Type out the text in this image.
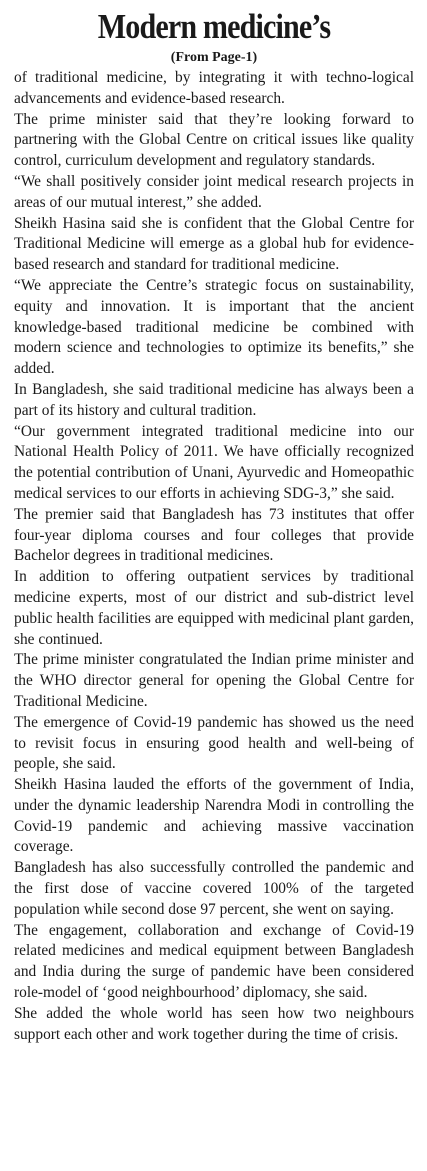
Modern medicine’s
(From Page-1)

of traditional medicine, by integrating it with techno-logical advancements and evidence-based research.

The prime minister said that they’re looking forward to partnering with the Global Centre on critical issues like quality control, curriculum development and regulatory standards.

“We shall positively consider joint medical research projects in areas of our mutual interest,” she added.

Sheikh Hasina said she is confident that the Global Centre for Traditional Medicine will emerge as a global hub for evidence-based research and standard for traditional medicine.

“We appreciate the Centre’s strategic focus on sustainability, equity and innovation. It is important that the ancient knowledge-based traditional medicine be combined with modern science and technologies to optimize its benefits,” she added.

In Bangladesh, she said traditional medicine has always been a part of its history and cultural tradition.

“Our government integrated traditional medicine into our National Health Policy of 2011. We have officially recognized the potential contribution of Unani, Ayurvedic and Homeopathic medical services to our efforts in achieving SDG-3,” she said.

The premier said that Bangladesh has 73 institutes that offer four-year diploma courses and four colleges that provide Bachelor degrees in traditional medicines.

In addition to offering outpatient services by traditional medicine experts, most of our district and sub-district level public health facilities are equipped with medicinal plant garden, she continued.

The prime minister congratulated the Indian prime minister and the WHO director general for opening the Global Centre for Traditional Medicine.

The emergence of Covid-19 pandemic has showed us the need to revisit focus in ensuring good health and well-being of people, she said.

Sheikh Hasina lauded the efforts of the government of India, under the dynamic leadership Narendra Modi in controlling the Covid-19 pandemic and achieving massive vaccination coverage.

Bangladesh has also successfully controlled the pandemic and the first dose of vaccine covered 100% of the targeted population while second dose 97 percent, she went on saying.

The engagement, collaboration and exchange of Covid-19 related medicines and medical equipment between Bangladesh and India during the surge of pandemic have been considered role-model of ‘good neighbourhood’ diplomacy, she said.

She added the whole world has seen how two neighbours support each other and work together during the time of crisis.
